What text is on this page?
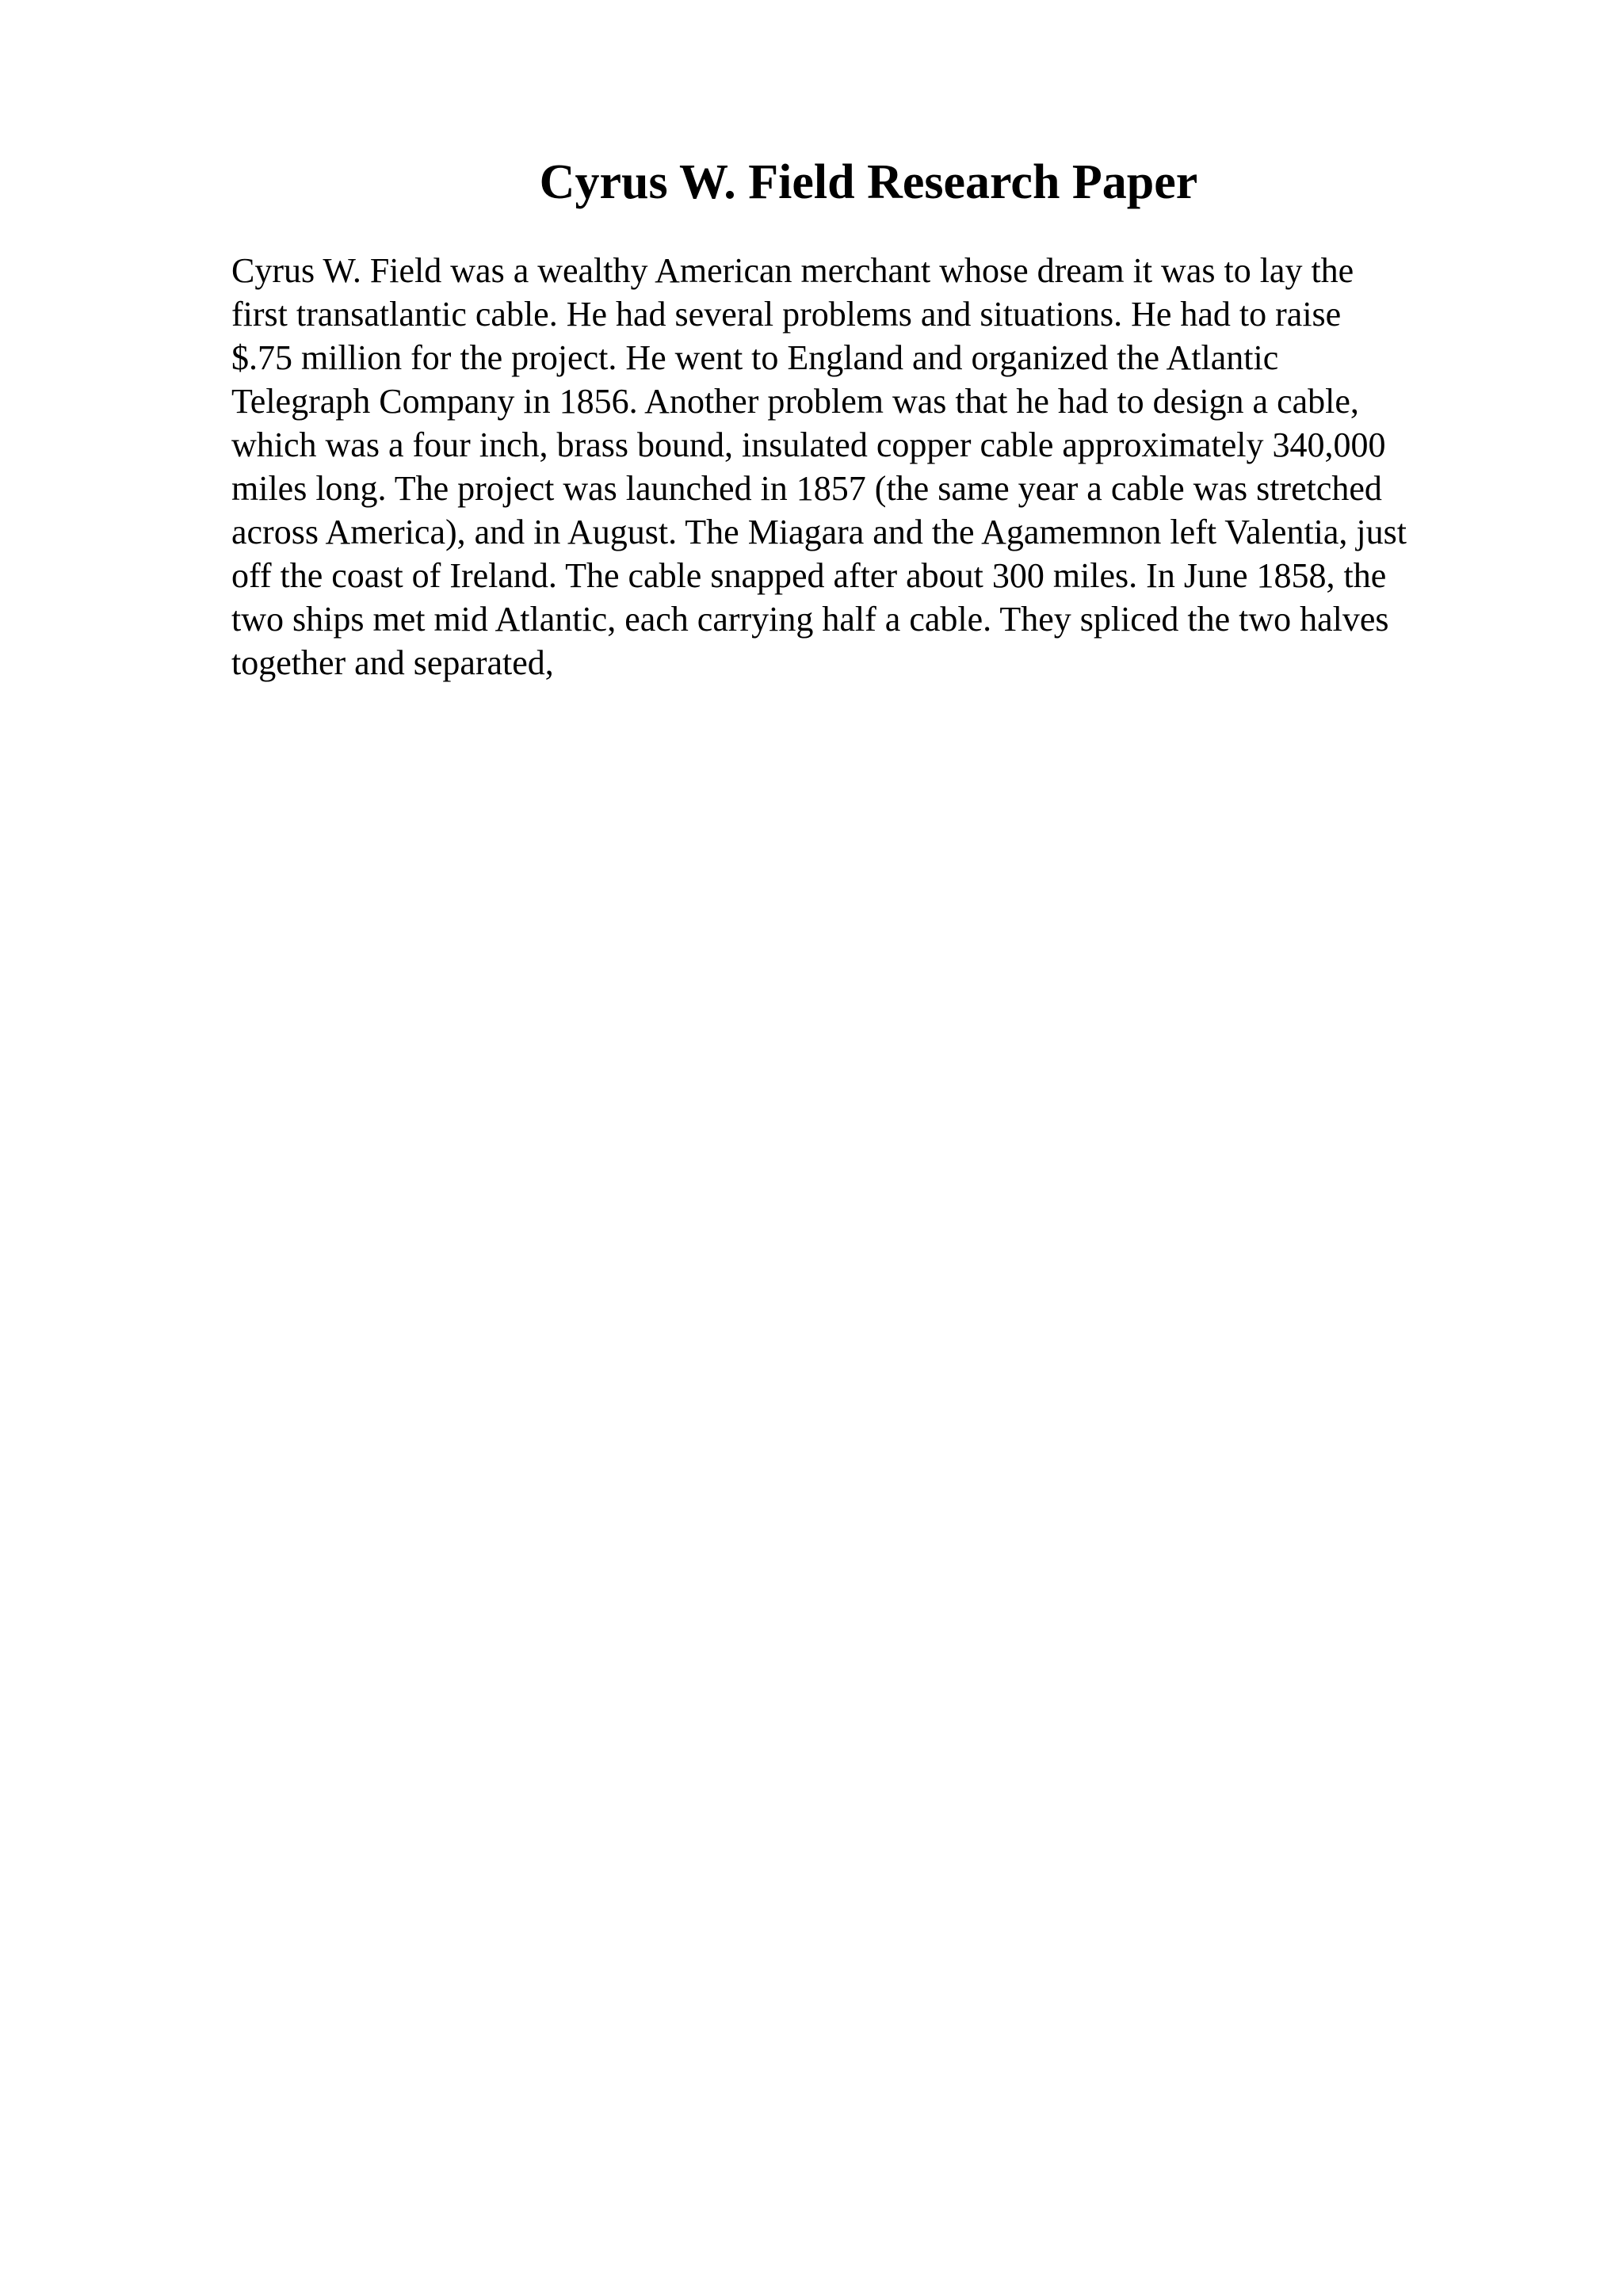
Cyrus W. Field Research Paper
Cyrus W. Field was a wealthy American merchant whose dream it was to lay the
first transatlantic cable. He had several problems and situations. He had to raise
$.75 million for the project. He went to England and organized the Atlantic
Telegraph Company in 1856. Another problem was that he had to design a cable,
which was a four inch, brass bound, insulated copper cable approximately 340,000
miles long. The project was launched in 1857 (the same year a cable was stretched
across America), and in August. The Miagara and the Agamemnon left Valentia, just
off the coast of Ireland. The cable snapped after about 300 miles. In June 1858, the
two ships met mid Atlantic, each carrying half a cable. They spliced the two halves
together and separated,
